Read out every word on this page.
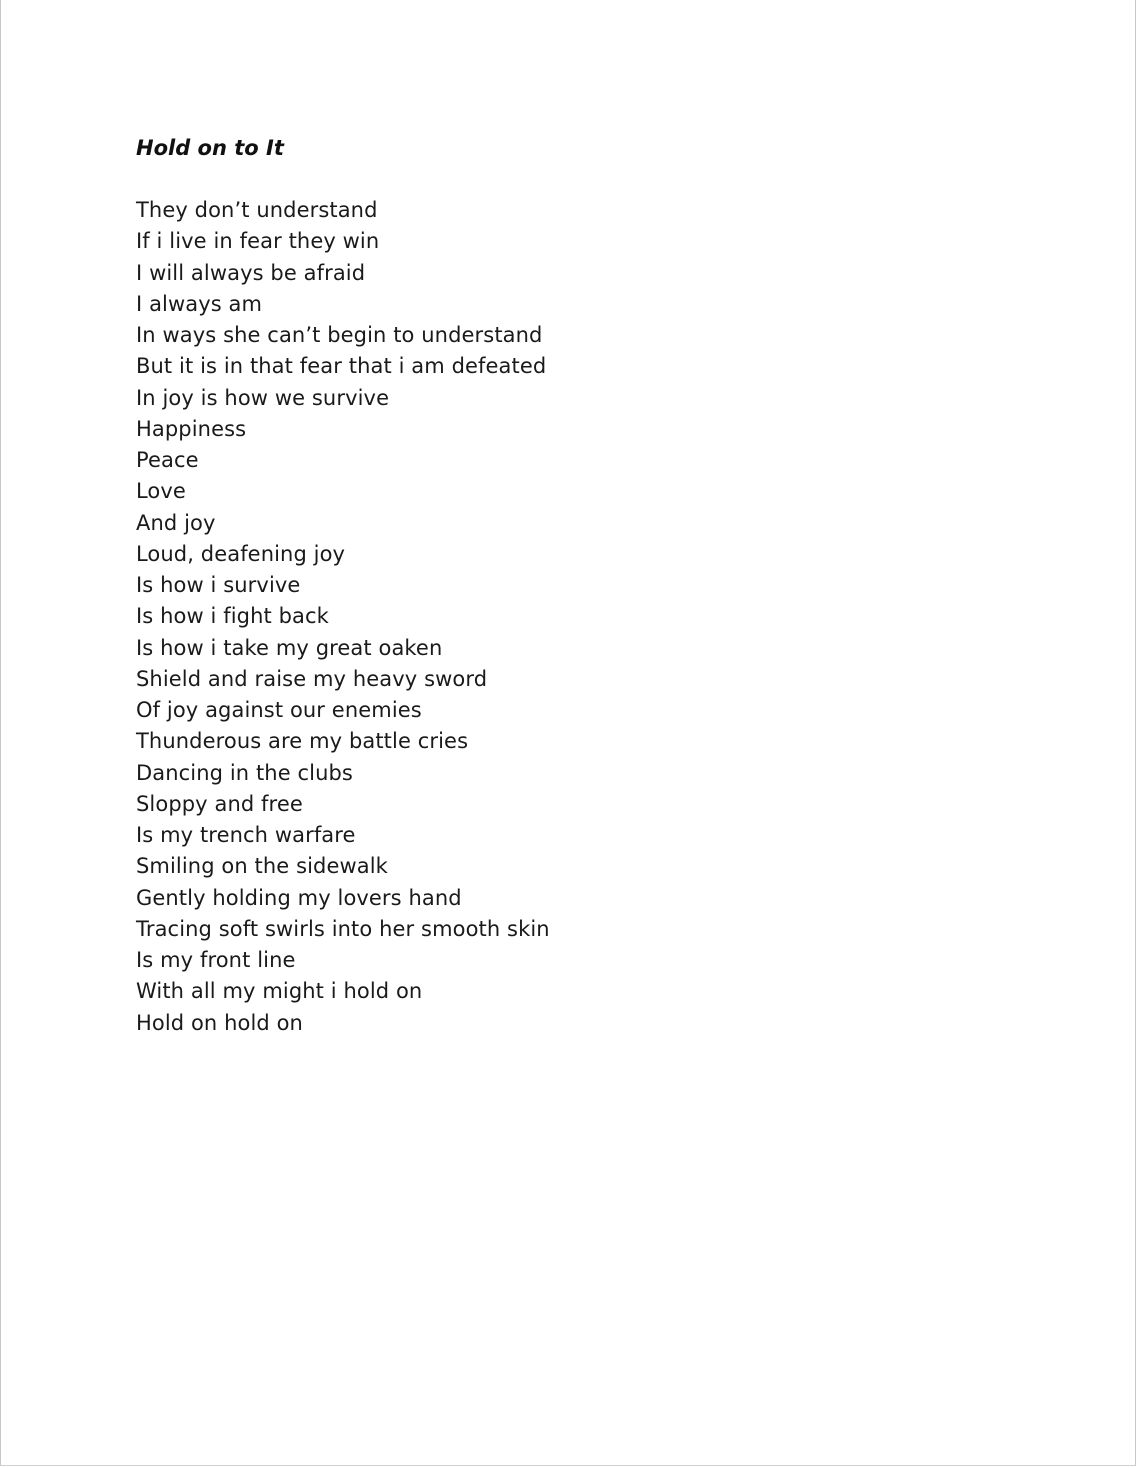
Hold on to It
They don’t understand
If i live in fear they win
I will always be afraid
I always am
In ways she can’t begin to understand
But it is in that fear that i am defeated
In joy is how we survive
Happiness
Peace
Love
And joy
Loud, deafening joy
Is how i survive
Is how i fight back
Is how i take my great oaken
Shield and raise my heavy sword
Of joy against our enemies
Thunderous are my battle cries
Dancing in the clubs
Sloppy and free
Is my trench warfare
Smiling on the sidewalk
Gently holding my lovers hand
Tracing soft swirls into her smooth skin
Is my front line
With all my might i hold on
Hold on hold on
